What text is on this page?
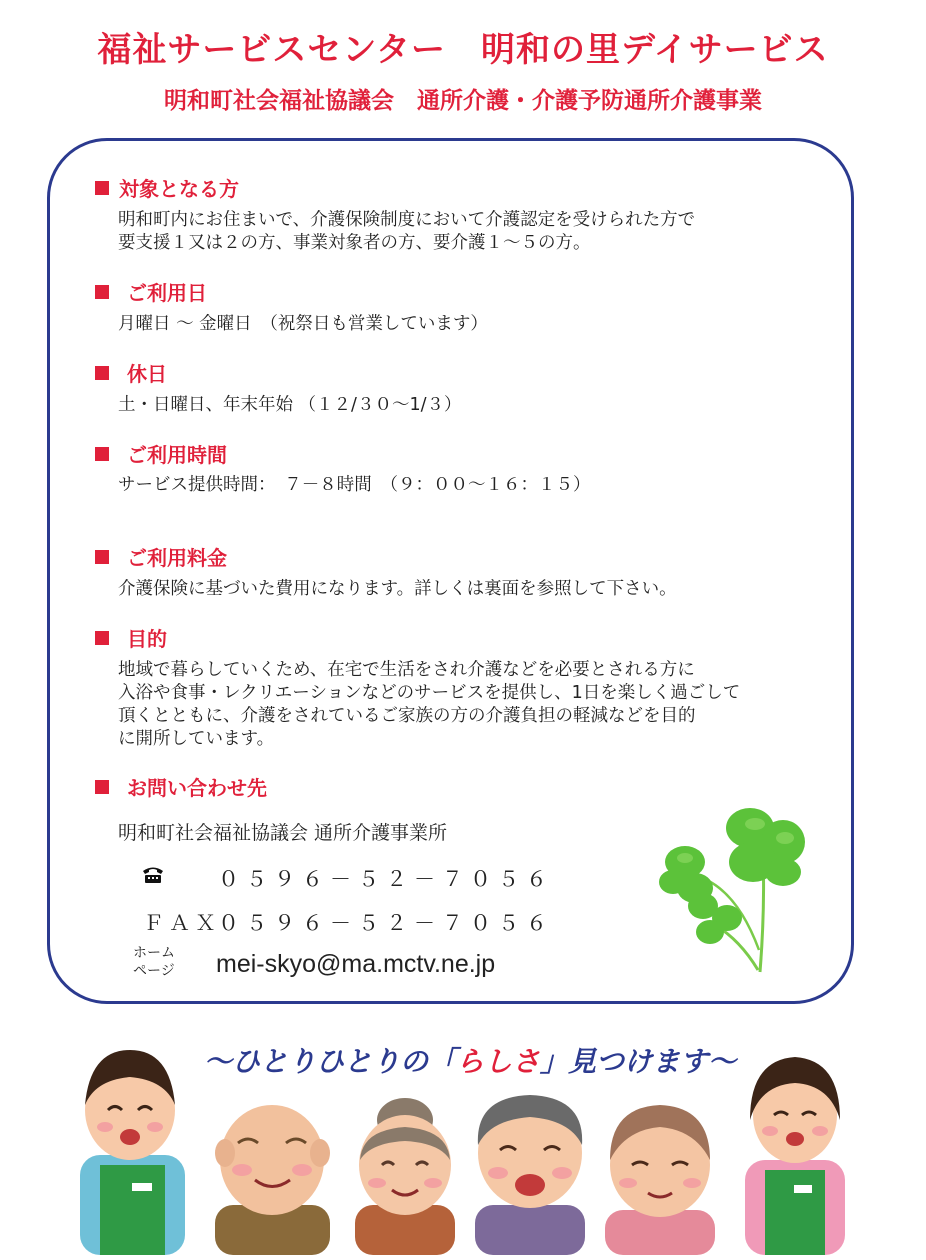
福祉サービスセンター　明和の里デイサービス
明和町社会福祉協議会　通所介護・介護予防通所介護事業
対象となる方
明和町内にお住まいで、介護保険制度において介護認定を受けられた方で
要支援１又は２の方、事業対象者の方、要介護１～５の方。
ご利用日
月曜日 ～ 金曜日　（祝祭日も営業しています）
休日
土・日曜日、年末年始 （１２/３０～1/３）
ご利用時間
サービス提供時間：　７－８時間　（９：００～１６：１５）
ご利用料金
介護保険に基づいた費用になります。詳しくは裏面を参照して下さい。
目的
地域で暮らしていくため、在宅で生活をされ介護などを必要とされる方に
入浴や食事・レクリエーションなどのサービスを提供し、1日を楽しく過ごして
頂くとともに、介護をされているご家族の方の介護負担の軽減などを目的
に開所しています。
お問い合わせ先
明和町社会福祉協議会 通所介護事業所
０５９６－５２－７０５６
ＦＡＸ
０５９６－５２－７０５６
ホーム
ページ	mei-skyo@ma.mctv.ne.jp
～ひとりひとりの「らしさ」見つけます～
